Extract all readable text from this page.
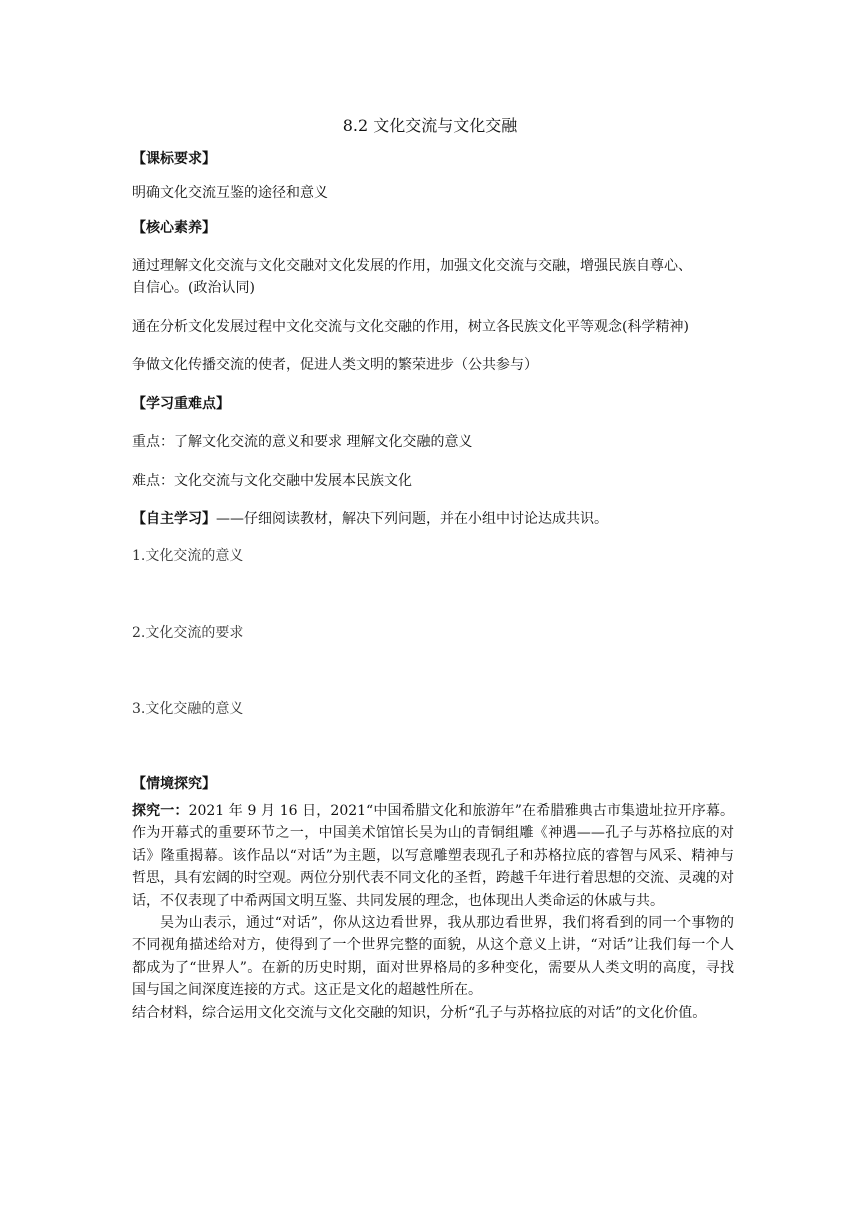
8.2 文化交流与文化交融
【课标要求】
明确文化交流互鉴的途径和意义
【核心素养】
通过理解文化交流与文化交融对文化发展的作用，加强文化交流与交融，增强民族自尊心、
自信心。(政治认同)
通在分析文化发展过程中文化交流与文化交融的作用，树立各民族文化平等观念(科学精神)
争做文化传播交流的使者，促进人类文明的繁荣进步（公共参与）
【学习重难点】
重点：了解文化交流的意义和要求 理解文化交融的意义
难点：文化交流与文化交融中发展本民族文化
【自主学习】——仔细阅读教材，解决下列问题，并在小组中讨论达成共识。
1.文化交流的意义
2.文化交流的要求
3.文化交融的意义
【情境探究】

探究一：2021 年 9 月 16 日，2021“中国希腊文化和旅游年”在希腊雅典古市集遗址拉开序幕。作为开幕式的重要环节之一，中国美术馆馆长吴为山的青铜组雕《神遇——孔子与苏格拉底的对话》隆重揭幕。该作品以“对话”为主题，以写意雕塑表现孔子和苏格拉底的睿智与风采、精神与哲思，具有宏阔的时空观。两位分别代表不同文化的圣哲，跨越千年进行着思想的交流、灵魂的对话，不仅表现了中希两国文明互鉴、共同发展的理念，也体现出人类命运的休戚与共。

吴为山表示，通过“对话”，你从这边看世界，我从那边看世界，我们将看到的同一个事物的不同视角描述给对方，使得到了一个世界完整的面貌，从这个意义上讲，“对话”让我们每一个人都成为了“世界人”。在新的历史时期，面对世界格局的多种变化，需要从人类文明的高度，寻找国与国之间深度连接的方式。这正是文化的超越性所在。

结合材料，综合运用文化交流与文化交融的知识，分析“孔子与苏格拉底的对话”的文化价值。
